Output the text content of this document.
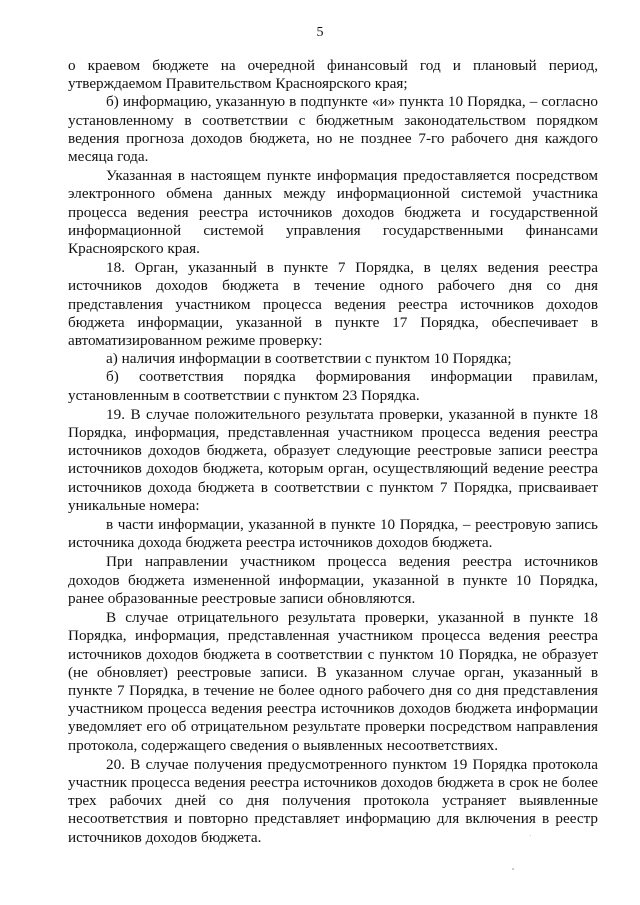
5

о краевом бюджете на очередной финансовый год и плановый период, утверждаемом Правительством Красноярского края;

б) информацию, указанную в подпункте «и» пункта 10 Порядка, – согласно установленному в соответствии с бюджетным законодательством порядком ведения прогноза доходов бюджета, но не позднее 7-го рабочего дня каждого месяца года.

Указанная в настоящем пункте информация предоставляется посредством электронного обмена данных между информационной системой участника процесса ведения реестра источников доходов бюджета и государственной информационной системой управления государственными финансами Красноярского края.

18. Орган, указанный в пункте 7 Порядка, в целях ведения реестра источников доходов бюджета в течение одного рабочего дня со дня представления участником процесса ведения реестра источников доходов бюджета информации, указанной в пункте 17 Порядка, обеспечивает в автоматизированном режиме проверку:

а) наличия информации в соответствии с пунктом 10 Порядка;

б) соответствия порядка формирования информации правилам, установленным в соответствии с пунктом 23 Порядка.

19. В случае положительного результата проверки, указанной в пункте 18 Порядка, информация, представленная участником процесса ведения реестра источников доходов бюджета, образует следующие реестровые записи реестра источников доходов бюджета, которым орган, осуществляющий ведение реестра источников дохода бюджета в соответствии с пунктом 7 Порядка, присваивает уникальные номера:

в части информации, указанной в пункте 10 Порядка, – реестровую запись источника дохода бюджета реестра источников доходов бюджета.

При направлении участником процесса ведения реестра источников доходов бюджета измененной информации, указанной в пункте 10 Порядка, ранее образованные реестровые записи обновляются.

В случае отрицательного результата проверки, указанной в пункте 18 Порядка, информация, представленная участником процесса ведения реестра источников доходов бюджета в соответствии с пунктом 10 Порядка, не образует (не обновляет) реестровые записи. В указанном случае орган, указанный в пункте 7 Порядка, в течение не более одного рабочего дня со дня представления участником процесса ведения реестра источников доходов бюджета информации уведомляет его об отрицательном результате проверки посредством направления протокола, содержащего сведения о выявленных несоответствиях.

20. В случае получения предусмотренного пунктом 19 Порядка протокола участник процесса ведения реестра источников доходов бюджета в срок не более трех рабочих дней со дня получения протокола устраняет выявленные несоответствия и повторно представляет информацию для включения в реестр источников доходов бюджета.
